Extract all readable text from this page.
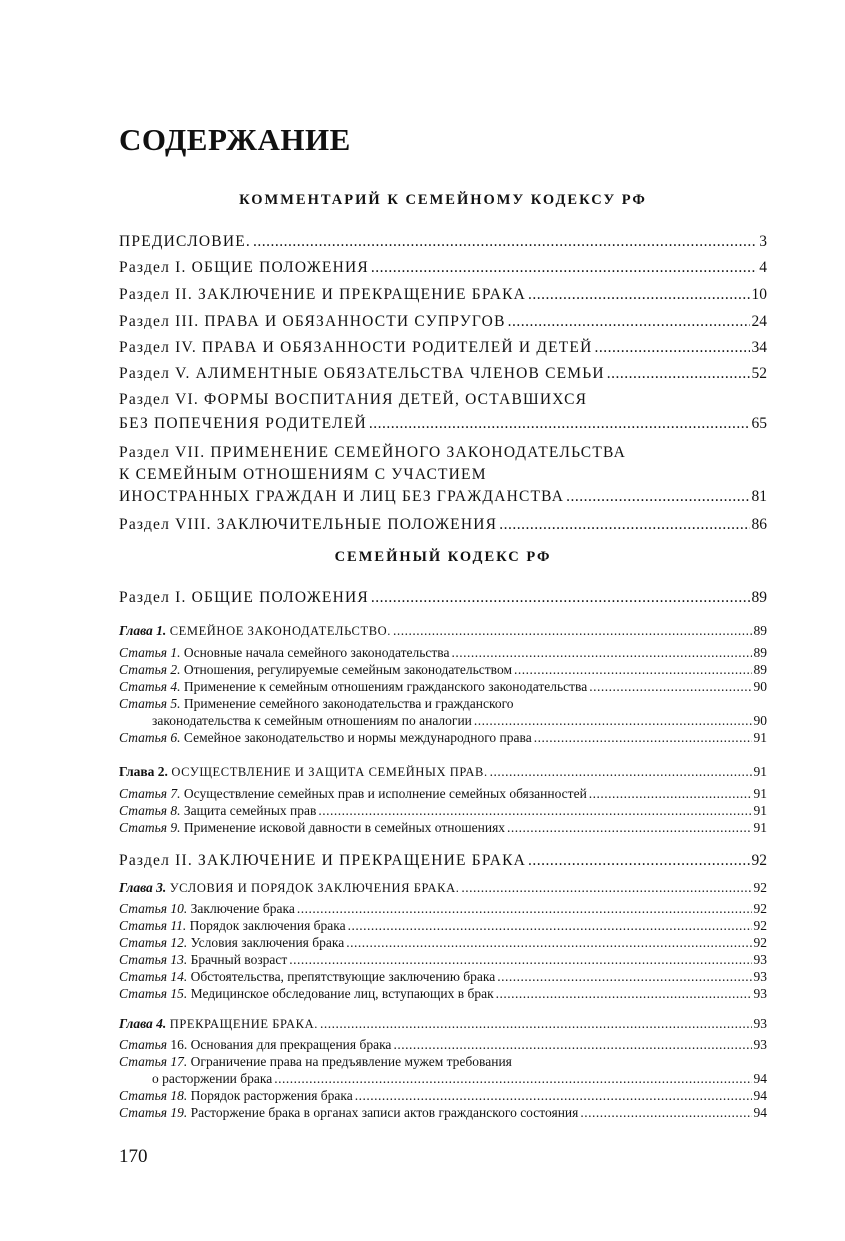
СОДЕРЖАНИЕ
КОММЕНТАРИЙ К СЕМЕЙНОМУ КОДЕКСУ РФ
ПРЕДИСЛОВИЕ. .....	3
Раздел I. ОБЩИЕ ПОЛОЖЕНИЯ .....	4
Раздел II. ЗАКЛЮЧЕНИЕ И ПРЕКРАЩЕНИЕ БРАКА .....	10
Раздел III. ПРАВА И ОБЯЗАННОСТИ СУПРУГОВ .....	24
Раздел IV. ПРАВА И ОБЯЗАННОСТИ РОДИТЕЛЕЙ И ДЕТЕЙ .....	34
Раздел V. АЛИМЕНТНЫЕ ОБЯЗАТЕЛЬСТВА ЧЛЕНОВ СЕМЬИ .....	52
Раздел VI. ФОРМЫ ВОСПИТАНИЯ ДЕТЕЙ, ОСТАВШИХСЯ
БЕЗ ПОПЕЧЕНИЯ РОДИТЕЛЕЙ .....	65
Раздел VII. ПРИМЕНЕНИЕ СЕМЕЙНОГО ЗАКОНОДАТЕЛЬСТВА
К СЕМЕЙНЫМ ОТНОШЕНИЯМ С УЧАСТИЕМ
ИНОСТРАННЫХ ГРАЖДАН И ЛИЦ БЕЗ ГРАЖДАНСТВА .....	81
Раздел VIII. ЗАКЛЮЧИТЕЛЬНЫЕ ПОЛОЖЕНИЯ .....	86
СЕМЕЙНЫЙ КОДЕКС РФ
Раздел I. ОБЩИЕ ПОЛОЖЕНИЯ .....	89
Глава 1. СЕМЕЙНОЕ ЗАКОНОДАТЕЛЬСТВО. .....	89
Статья 1. Основные начала семейного законодательства .....	89
Статья 2. Отношения, регулируемые семейным законодательством .....	89
Статья 4. Применение к семейным отношениям гражданского законодательства .....	90
Статья 5. Применение семейного законодательства и гражданского
законодательства к семейным отношениям по аналогии .....	90
Статья 6. Семейное законодательство и нормы международного права .....	91
Глава 2. ОСУЩЕСТВЛЕНИЕ И ЗАЩИТА СЕМЕЙНЫХ ПРАВ. .....	91
Статья 7. Осуществление семейных прав и исполнение семейных обязанностей .....	91
Статья 8. Защита семейных прав .....	91
Статья 9. Применение исковой давности в семейных отношениях .....	91
Раздел II. ЗАКЛЮЧЕНИЕ И ПРЕКРАЩЕНИЕ БРАКА .....	92
Глава 3. УСЛОВИЯ И ПОРЯДОК ЗАКЛЮЧЕНИЯ БРАКА. .....	92
Статья 10. Заключение брака .....	92
Статья 11. Порядок заключения брака .....	92
Статья 12. Условия заключения брака .....	92
Статья 13. Брачный возраст .....	93
Статья 14. Обстоятельства, препятствующие заключению брака .....	93
Статья 15. Медицинское обследование лиц, вступающих в брак .....	93
Глава 4. ПРЕКРАЩЕНИЕ БРАКА. .....	93
Статья 16. Основания для прекращения брака .....	93
Статья 17. Ограничение права на предъявление мужем требования
о расторжении брака .....	94
Статья 18. Порядок расторжения брака .....	94
Статья 19. Расторжение брака в органах записи актов гражданского состояния .....	94

170
